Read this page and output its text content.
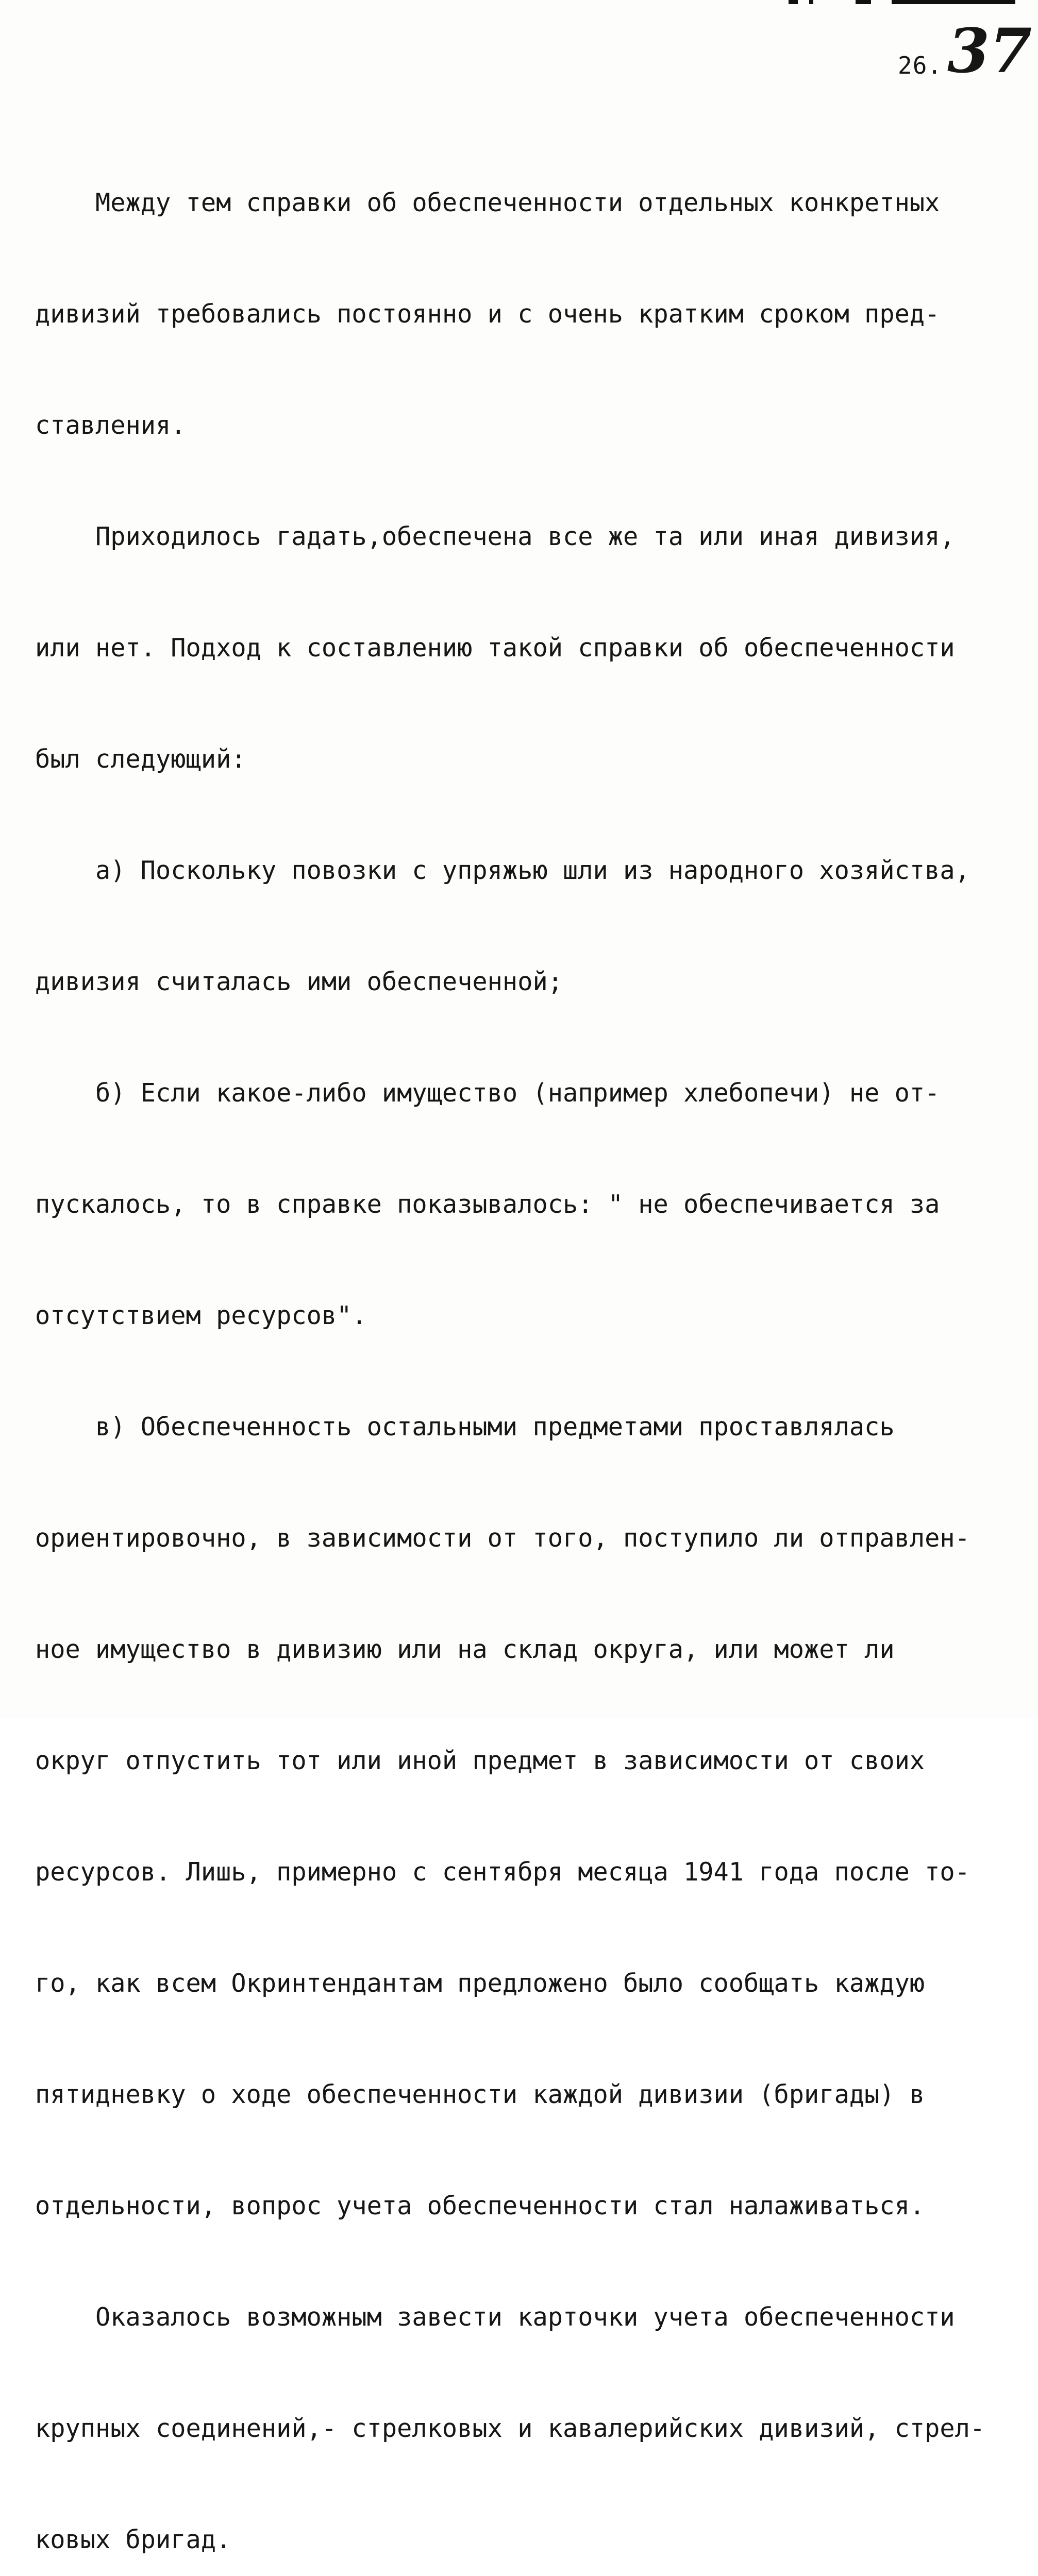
26. 37

Между тем справки об обеспеченности отдельных конкретных

дивизий требовались постоянно и с очень кратким сроком пред-

ставления.

Приходилось гадать,обеспечена все же та или иная дивизия,

или нет. Подход к составлению такой справки об обеспеченности

был следующий:

а) Поскольку повозки с упряжью шли из народного хозяйства,

дивизия считалась ими обеспеченной;

б) Если какое-либо имущество (например хлебопечи) не от-

пускалось, то в справке показывалось: " не обеспечивается за

отсутствием ресурсов".

в) Обеспеченность остальными предметами проставлялась

ориентировочно, в зависимости от того, поступило ли отправлен-

ное имущество в дивизию или на склад округа, или может ли

округ отпустить тот или иной предмет в зависимости от своих

ресурсов. Лишь, примерно с сентября месяца 1941 года после то-

го, как всем Окринтендантам предложено было сообщать каждую

пятидневку о ходе обеспеченности каждой дивизии (бригады) в

отдельности, вопрос учета обеспеченности стал налаживаться.

Оказалось возможным завести карточки учета обеспеченности

крупных соединений,- стрелковых и кавалерийских дивизий, стрел-

ковых бригад.
